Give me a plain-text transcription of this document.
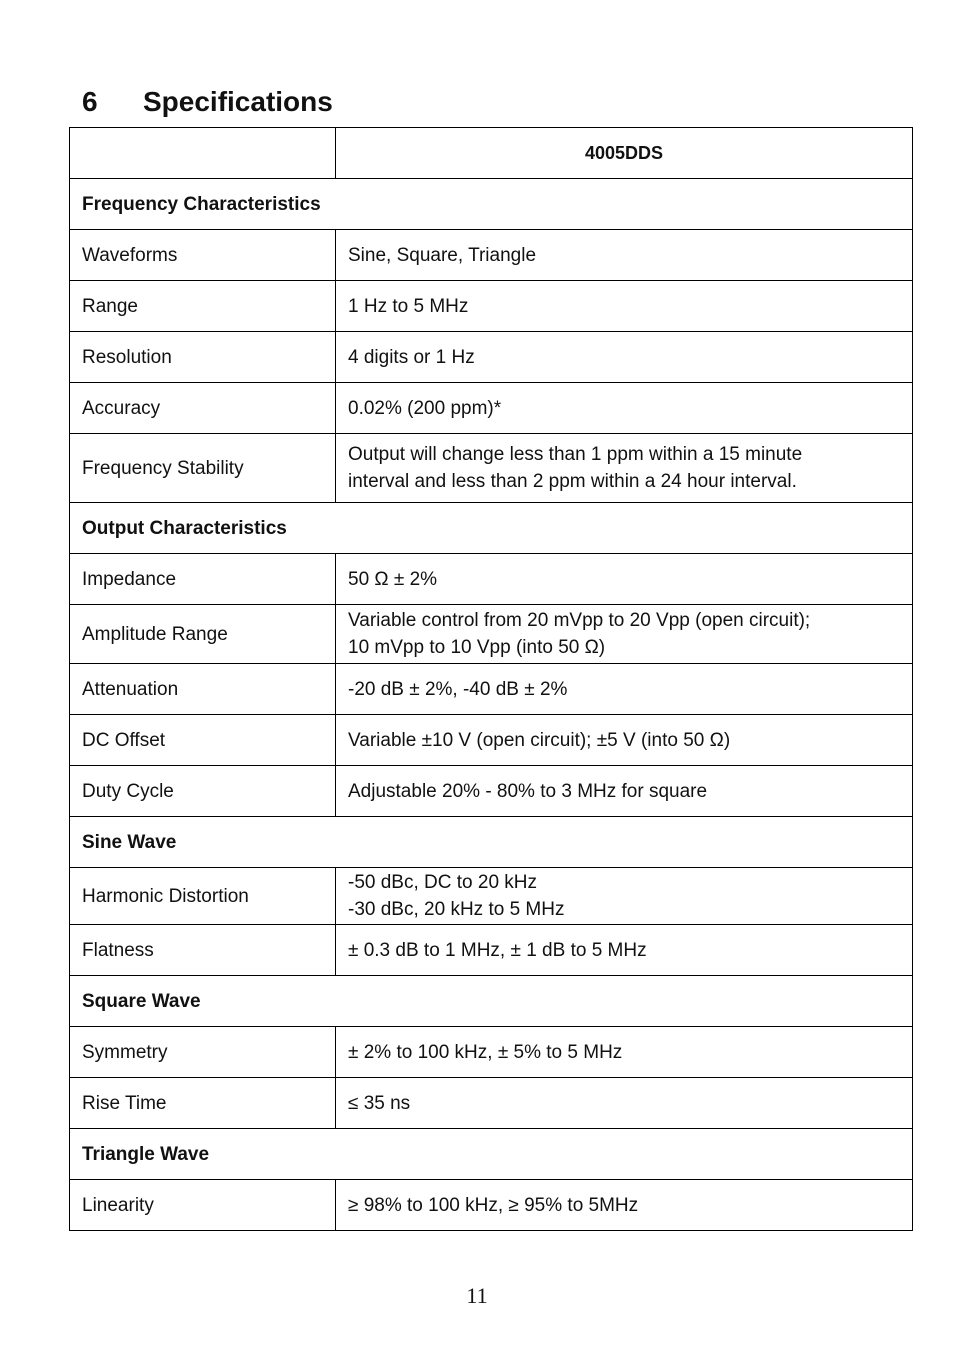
6 Specifications
	4005DDS
Frequency Characteristics	
Waveforms	Sine, Square, Triangle
Range	1 Hz to 5 MHz
Resolution	4 digits or 1 Hz
Accuracy	0.02% (200 ppm)*
Frequency Stability	Output will change less than 1 ppm within a 15 minute
interval and less than 2 ppm within a 24 hour interval.
Output Characteristics	
Impedance	50 Ω ± 2%
Amplitude Range	Variable control from 20 mVpp to 20 Vpp (open circuit);
10 mVpp to 10 Vpp (into 50 Ω)
Attenuation	-20 dB ± 2%, -40 dB ± 2%
DC Offset	Variable ±10 V (open circuit); ±5 V (into 50 Ω)
Duty Cycle	Adjustable 20% - 80% to 3 MHz for square
Sine Wave	
Harmonic Distortion	-50 dBc, DC to 20 kHz
-30 dBc, 20 kHz to 5 MHz
Flatness	± 0.3 dB to 1 MHz, ± 1 dB to 5 MHz
Square Wave	
Symmetry	± 2% to 100 kHz, ± 5% to 5 MHz
Rise Time	≤ 35 ns
Triangle Wave	
Linearity	≥ 98% to 100 kHz, ≥ 95% to 5MHz
11
